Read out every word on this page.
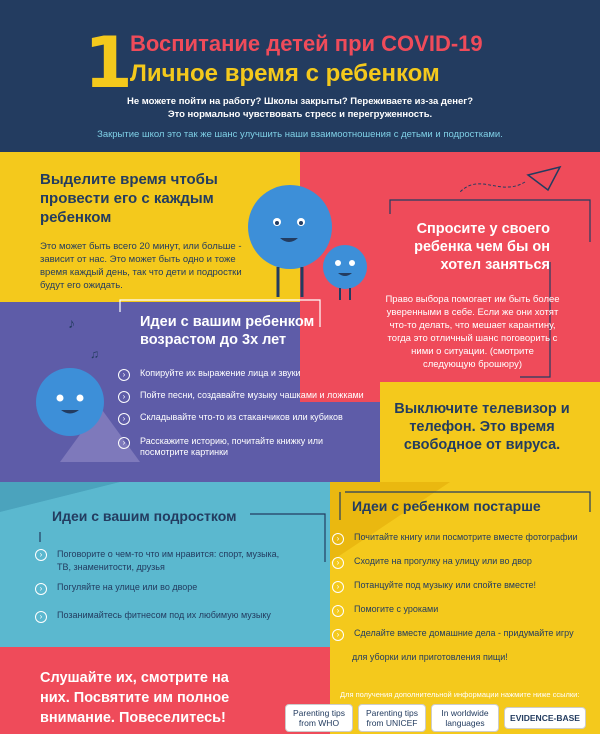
1
Воспитание детей при COVID-19
Личное время с ребенком
Не можете пойти на работу? Школы закрыты? Переживаете из-за денег?
Это нормально чувствовать стресс и перегруженность.
Закрытие школ это так же шанс улучшить наши взаимоотношения с детьми и подростками.
♪
♫
Выделите время чтобы провести его с каждым ребенком
Это может быть всего 20 минут, или больше - зависит от нас. Это может быть одно и тоже время каждый день, так что дети и подростки будут его ожидать.
Спросите у своего ребенка чем бы он хотел заняться
Право выбора помогает им быть более уверенными в себе. Если же они хотят что-то делать, что мешает карантину, тогда это отличный шанс поговорить с ними о ситуации. (смотрите следующую брошюру)
Идеи с вашим ребенком возрастом до 3х лет
›	Копируйте их выражение лица и звуки
›	Пойте песни, создавайте музыку чашками и ложками
›	Складывайте что-то из стаканчиков или кубиков
›	Расскажите историю, почитайте книжку или посмотрите картинки
Выключите телевизор и телефон. Это время свободное от вируса.
Идеи с вашим подростком
›	Поговорите о чем-то что им нравится: спорт, музыка, ТВ, знаменитости, друзья
›	Погуляйте на улице или во дворе
›	Позанимайтесь фитнесом под их любимую музыку
Идеи с ребенком постарше
›	Почитайте книгу или посмотрите вместе фотографии
›	Сходите на прогулку на улицу или во двор
›	Потанцуйте под музыку или спойте вместе!
›	Помогите с уроками
›	Сделайте вместе домашние дела - придумайте игру
для уборки или приготовления пищи!
Слушайте их, смотрите на них. Посвятите им полное внимание. Повеселитесь!
Для получения дополнительной информации нажмите ниже ссылки:
Parenting tips from WHO
Parenting tips from UNICEF
In worldwide languages	EVIDENCE-BASE
